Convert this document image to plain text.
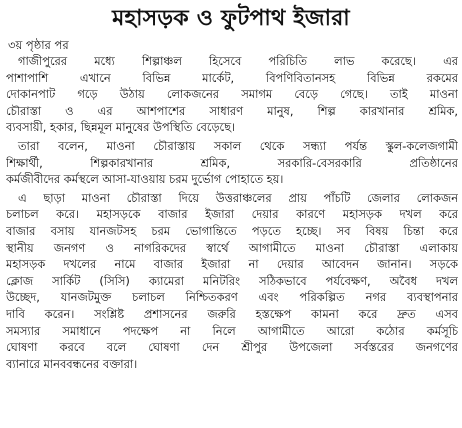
মহাসড়ক ও ফুটপাথ ইজারা
৩য় পৃষ্ঠার পর
গাজীপুরের মধ্যে শিল্পাঞ্চল হিসেবে পরিচিতি লাভ করেছে। এর
পাশাপাশি এখানে বিভিন্ন মার্কেট, বিপণিবিতানসহ বিভিন্ন রকমের
দোকানপাট গড়ে উঠায় লোকজনের সমাগম বেড়ে গেছে। তাই মাওনা
চৌরাস্তা ও এর আশপাশের সাধারণ মানুষ, শিল্প কারখানার শ্রমিক,
ব্যবসায়ী, হকার, ছিন্নমূল মানুষের উপস্থিতি বেড়েছে।
তারা বলেন, মাওনা চৌরাস্তায় সকাল থেকে সন্ধ্যা পর্যন্ত স্কুল-কলেজগামী
শিক্ষার্থী, শিল্পকারখানার শ্রমিক, সরকারি-বেসরকারি প্রতিষ্ঠানের
কর্মজীবীদের কর্মস্থলে আসা-যাওয়ায় চরম দুর্ভোগ পোহাতে হয়।
এ ছাড়া মাওনা চৌরাস্তা দিয়ে উত্তরাঞ্চলের প্রায় পাঁচটি জেলার লোকজন
চলাচল করে। মহাসড়কে বাজার ইজারা দেয়ার কারণে মহাসড়ক দখল করে
বাজার বসায় যানজটসহ চরম ভোগান্তিতে পড়তে হচ্ছে। সব বিষয় চিন্তা করে
স্থানীয় জনগণ ও নাগরিকদের স্বার্থে আগামীতে মাওনা চৌরাস্তা এলাকায়
মহাসড়ক দখলের নামে বাজার ইজারা না দেয়ার আবেদন জানান। সড়কে
ক্লোজ সার্কিট (সিসি) ক্যামেরা মনিটরিং সঠিকভাবে পর্যবেক্ষণ, অবৈধ দখল
উচ্ছেদ, যানজটমুক্ত চলাচল নিশ্চিতকরণ এবং পরিকল্পিত নগর ব্যবস্থাপনার
দাবি করেন। সংশ্লিষ্ট প্রশাসনের জরুরি হস্তক্ষেপ কামনা করে দ্রুত এসব
সমস্যার সমাধানে পদক্ষেপ না নিলে আগামীতে আরো কঠোর কর্মসূচি
ঘোষণা করবে বলে ঘোষণা দেন শ্রীপুর উপজেলা সর্বস্তরের জনগণের
ব্যানারে মানববন্ধনের বক্তারা।
